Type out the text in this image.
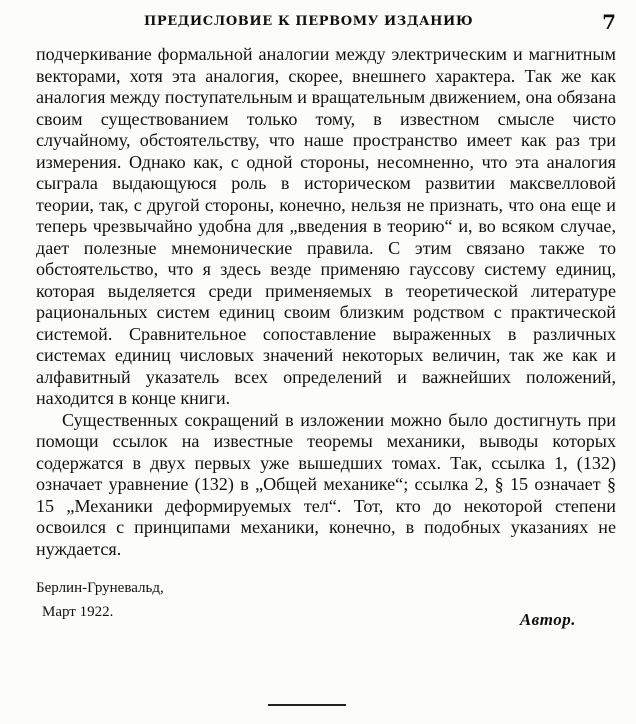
ПРЕДИСЛОВИЕ К ПЕРВОМУ ИЗДАНИЮ	7

подчеркивание формальной аналогии между электрическим и магнитным векторами, хотя эта аналогия, скорее, внешнего характера. Так же как аналогия между поступательным и вращательным движением, она обязана своим существованием только тому, в известном смысле чисто случайному, обстоятельству, что наше пространство имеет как раз три измерения. Однако как, с одной стороны, несомненно, что эта аналогия сыграла выдающуюся роль в историческом развитии максвелловой теории, так, с другой стороны, конечно, нельзя не признать, что она еще и теперь чрезвычайно удобна для „введения в теорию“ и, во всяком случае, дает полезные мнемонические правила. С этим связано также то обстоятельство, что я здесь везде применяю гауссову систему единиц, которая выделяется среди применяемых в теоретической литературе рациональных систем единиц своим близким родством с практической системой. Сравнительное сопоставление выраженных в различных системах единиц числовых значений некоторых величин, так же как и алфавитный указатель всех определений и важнейших положений, находится в конце книги.

Существенных сокращений в изложении можно было достигнуть при помощи ссылок на известные теоремы механики, выводы которых содержатся в двух первых уже вышедших томах. Так, ссылка 1, (132) означает уравнение (132) в „Общей механике“; ссылка 2, § 15 означает § 15 „Механики деформируемых тел“. Тот, кто до некоторой степени освоился с принципами механики, конечно, в подобных указаниях не нуждается.

Берлин-Груневальд,
Март 1922.	Автор.
